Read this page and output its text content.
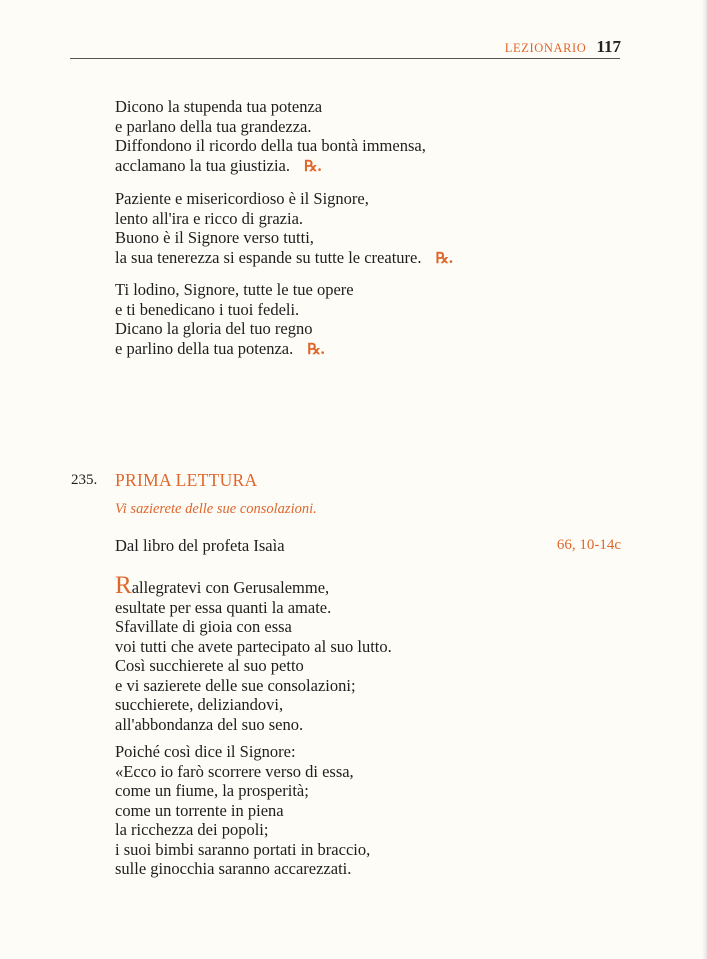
LEZIONARIO 117

Dicono la stupenda tua potenza
e parlano della tua grandezza.
Diffondono il ricordo della tua bontà immensa,
acclamano la tua giustizia. ℞.

Paziente e misericordioso è il Signore,
lento all'ira e ricco di grazia.
Buono è il Signore verso tutti,
la sua tenerezza si espande su tutte le creature. ℞.

Ti lodino, Signore, tutte le tue opere
e ti benedicano i tuoi fedeli.
Dicano la gloria del tuo regno
e parlino della tua potenza. ℞.

235. PRIMA LETTURA
Vi sazierete delle sue consolazioni.
Dal libro del profeta Isaìa	66, 10-14c

Rallegratevi con Gerusalemme,
esultate per essa quanti la amate.
Sfavillate di gioia con essa
voi tutti che avete partecipato al suo lutto.
Così succhierete al suo petto
e vi sazierete delle sue consolazioni;
succhierete, deliziandovi,
all'abbondanza del suo seno.

Poiché così dice il Signore:
«Ecco io farò scorrere verso di essa,
come un fiume, la prosperità;
come un torrente in piena
la ricchezza dei popoli;
i suoi bimbi saranno portati in braccio,
sulle ginocchia saranno accarezzati.
